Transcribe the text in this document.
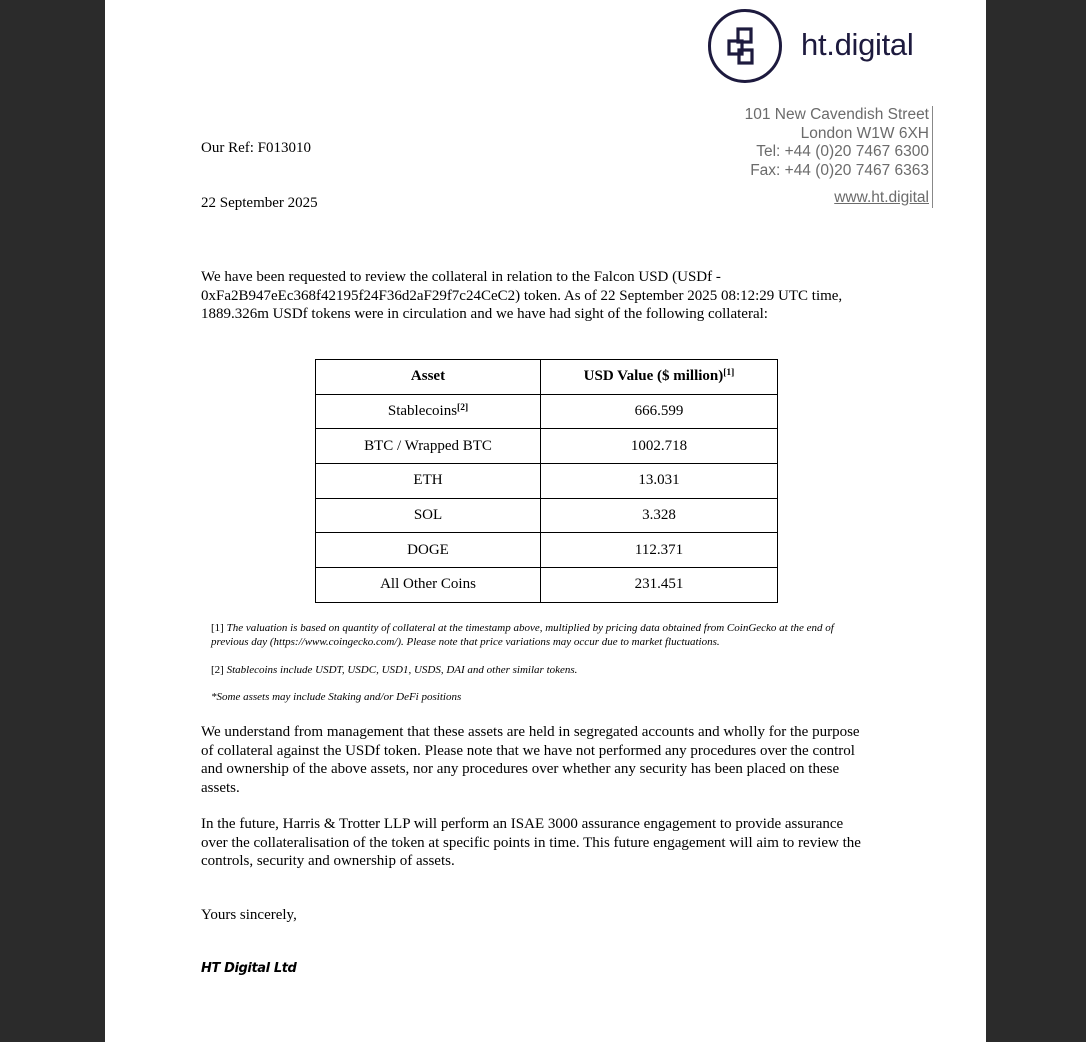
ht.digital
101 New Cavendish Street
London W1W 6XH
Tel: +44 (0)20 7467 6300
Fax: +44 (0)20 7467 6363
www.ht.digital
Our Ref: F013010
22 September 2025
We have been requested to review the collateral in relation to the Falcon USD (USDf - 0xFa2B947eEc368f42195f24F36d2aF29f7c24CeC2) token. As of 22 September 2025 08:12:29 UTC time, 1889.326m USDf tokens were in circulation and we have had sight of the following collateral:
Asset	USD Value ($ million)[1]
Stablecoins[2]	666.599
BTC / Wrapped BTC	1002.718
ETH	13.031
SOL	3.328
DOGE	112.371
All Other Coins	231.451
[1] The valuation is based on quantity of collateral at the timestamp above, multiplied by pricing data obtained from CoinGecko at the end of previous day (https://www.coingecko.com/). Please note that price variations may occur due to market fluctuations.
[2] Stablecoins include USDT, USDC, USD1, USDS, DAI and other similar tokens.
*Some assets may include Staking and/or DeFi positions
We understand from management that these assets are held in segregated accounts and wholly for the purpose of collateral against the USDf token. Please note that we have not performed any procedures over the control and ownership of the above assets, nor any procedures over whether any security has been placed on these assets.
In the future, Harris & Trotter LLP will perform an ISAE 3000 assurance engagement to provide assurance over the collateralisation of the token at specific points in time. This future engagement will aim to review the controls, security and ownership of assets.
Yours sincerely,
HT Digital Ltd
